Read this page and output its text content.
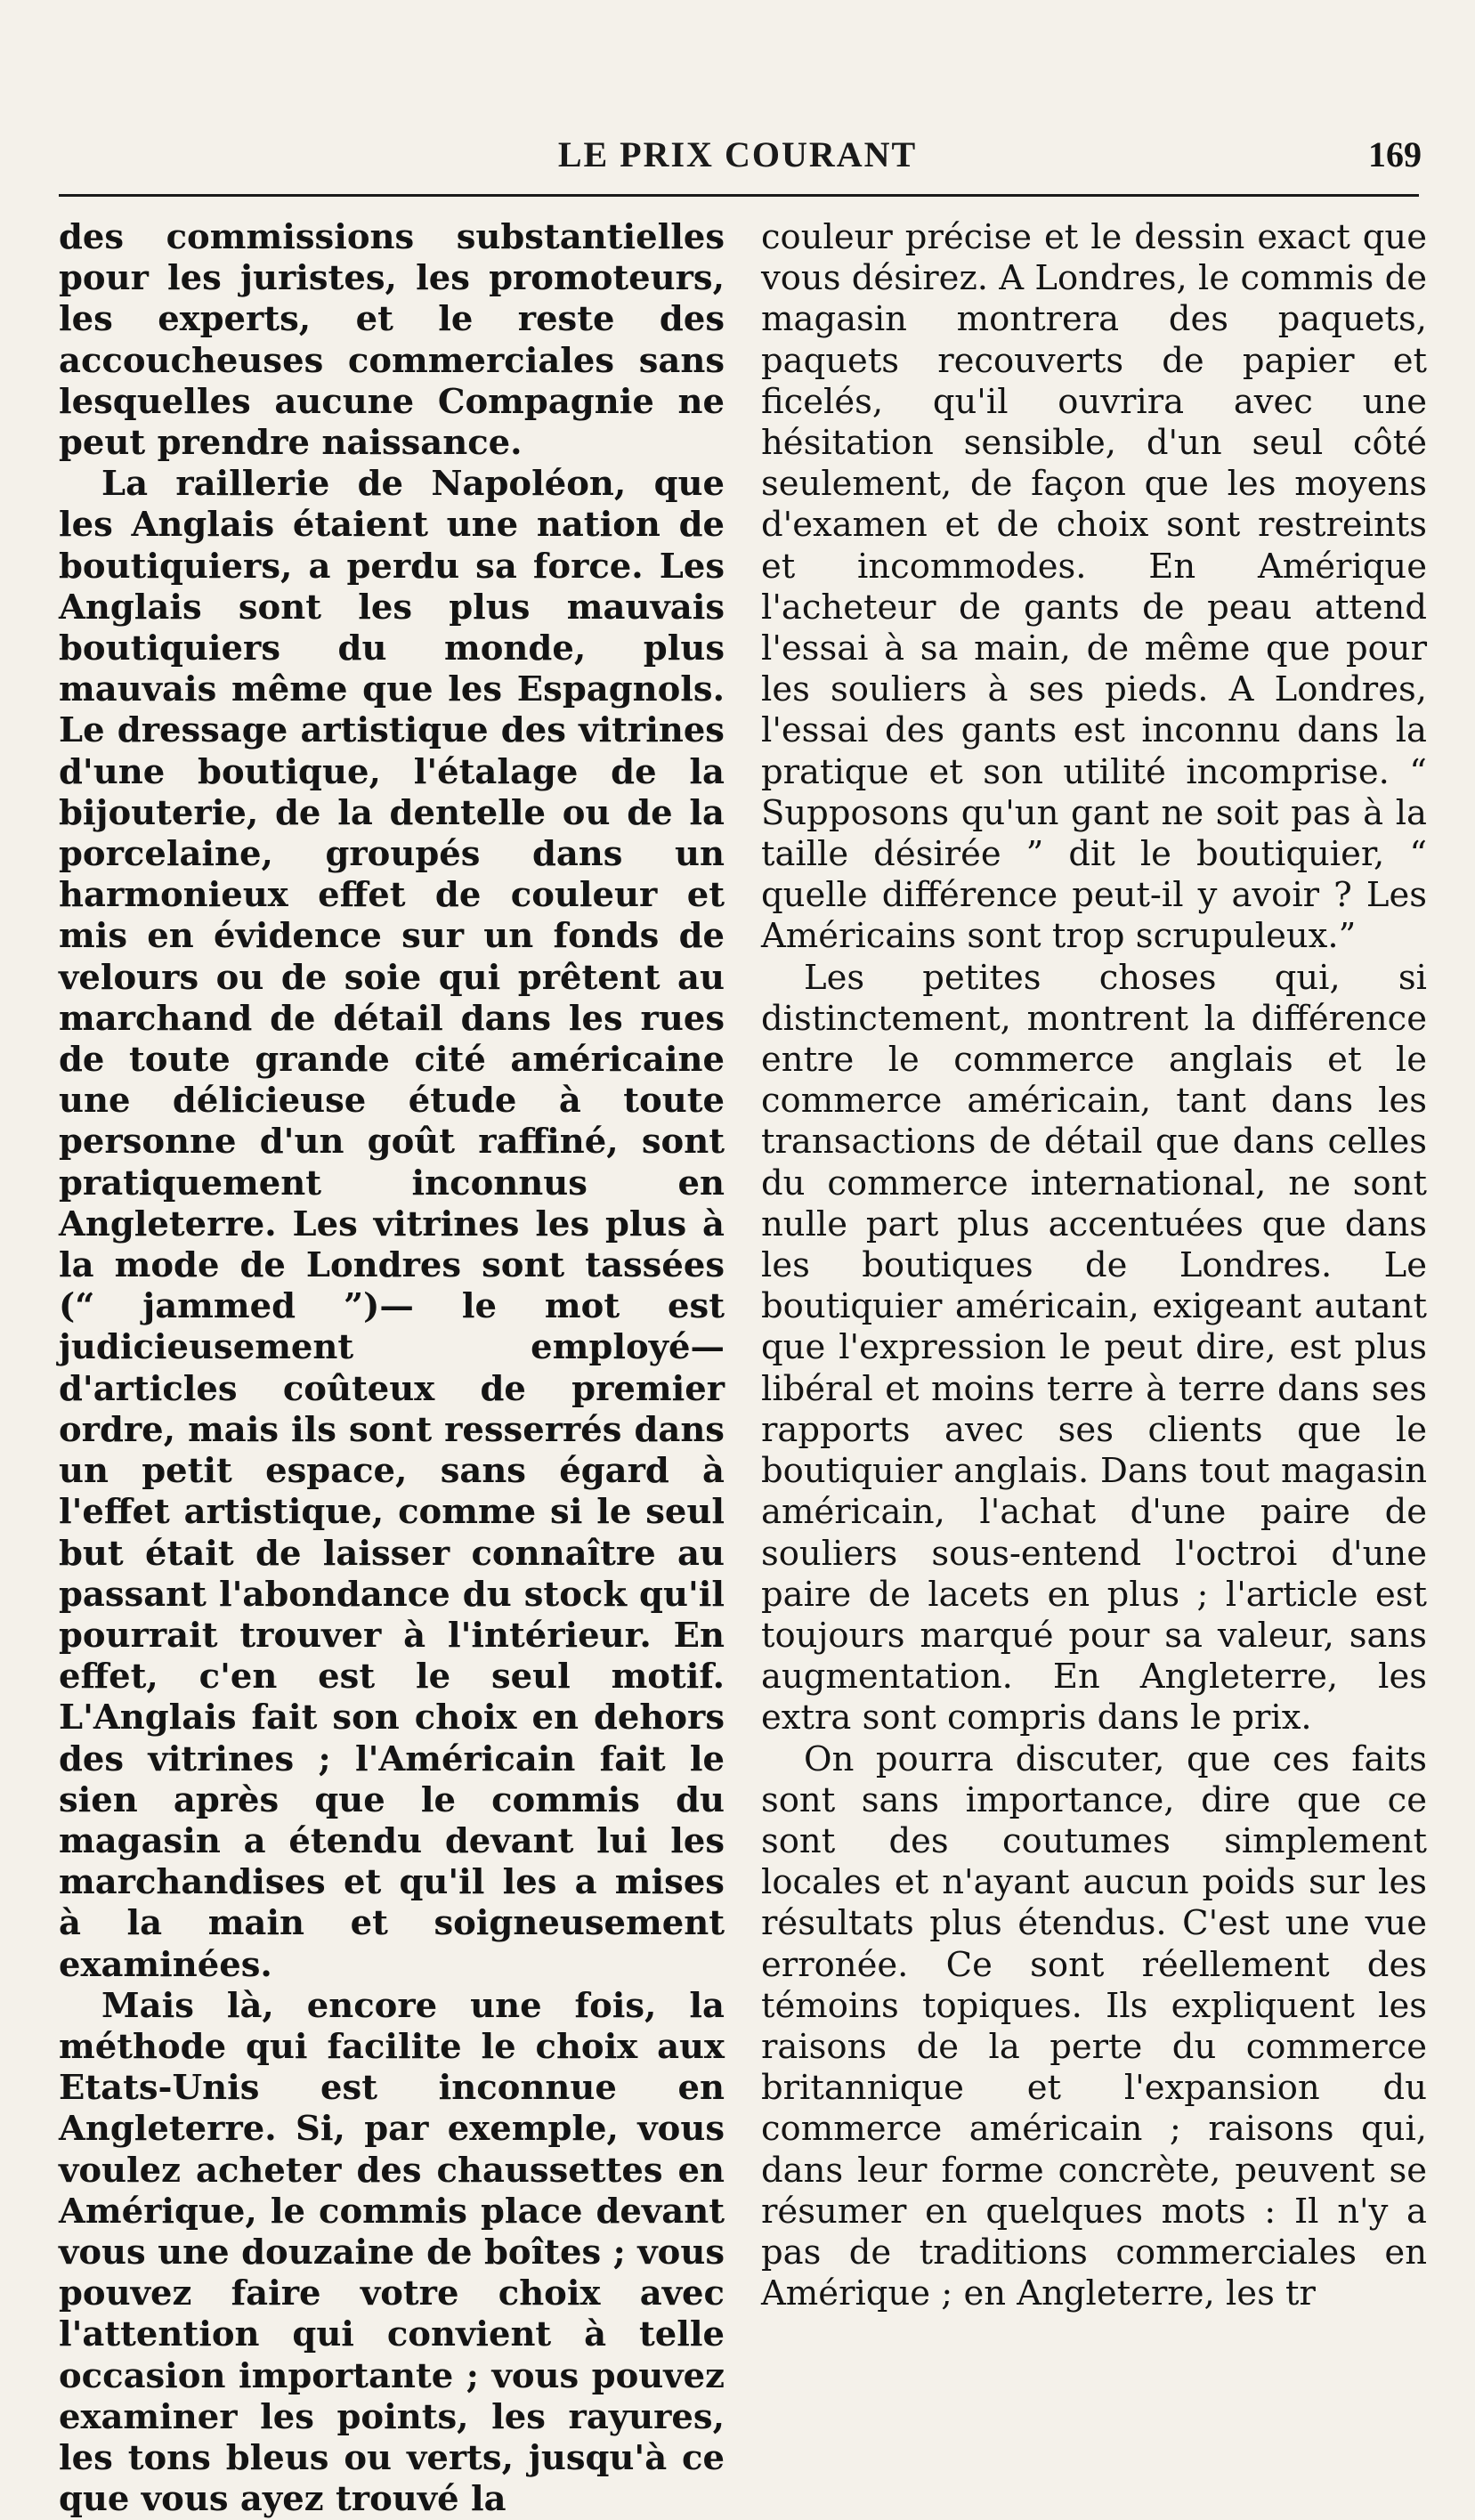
LE PRIX COURANT	169

des commissions substantielles pour les juristes, les promoteurs, les experts, et le reste des accoucheuses commerciales sans lesquelles aucune Compagnie ne peut prendre naissance.

La raillerie de Napoléon, que les Anglais étaient une nation de boutiquiers, a perdu sa force. Les Anglais sont les plus mauvais boutiquiers du monde, plus mauvais même que les Espagnols. Le dressage artistique des vitrines d'une boutique, l'étalage de la bijouterie, de la dentelle ou de la porcelaine, groupés dans un harmonieux effet de couleur et mis en évidence sur un fonds de velours ou de soie qui prêtent au marchand de détail dans les rues de toute grande cité américaine une délicieuse étude à toute personne d'un goût raffiné, sont pratiquement inconnus en Angleterre. Les vitrines les plus à la mode de Londres sont tassées (“ jammed ”)— le mot est judicieusement employé— d'articles coûteux de premier ordre, mais ils sont resserrés dans un petit espace, sans égard à l'effet artistique, comme si le seul but était de laisser connaître au passant l'abondance du stock qu'il pourrait trouver à l'intérieur. En effet, c'en est le seul motif. L'Anglais fait son choix en dehors des vitrines ; l'Américain fait le sien après que le commis du magasin a étendu devant lui les marchandises et qu'il les a mises à la main et soigneusement examinées.

Mais là, encore une fois, la méthode qui facilite le choix aux Etats-Unis est inconnue en Angleterre. Si, par exemple, vous voulez acheter des chaussettes en Amérique, le commis place devant vous une douzaine de boîtes ; vous pouvez faire votre choix avec l'attention qui convient à telle occasion importante ; vous pouvez examiner les points, les rayures, les tons bleus ou verts, jusqu'à ce que vous ayez trouvé la

couleur précise et le dessin exact que vous désirez. A Londres, le commis de magasin montrera des paquets, paquets recouverts de papier et ficelés, qu'il ouvrira avec une hésitation sensible, d'un seul côté seulement, de façon que les moyens d'examen et de choix sont restreints et incommodes. En Amérique l'acheteur de gants de peau attend l'essai à sa main, de même que pour les souliers à ses pieds. A Londres, l'essai des gants est inconnu dans la pratique et son utilité incomprise. “ Supposons qu'un gant ne soit pas à la taille désirée ” dit le boutiquier, “ quelle différence peut-il y avoir ? Les Américains sont trop scrupuleux.”

Les petites choses qui, si distinctement, montrent la différence entre le commerce anglais et le commerce américain, tant dans les transactions de détail que dans celles du commerce international, ne sont nulle part plus accentuées que dans les boutiques de Londres. Le boutiquier américain, exigeant autant que l'expression le peut dire, est plus libéral et moins terre à terre dans ses rapports avec ses clients que le boutiquier anglais. Dans tout magasin américain, l'achat d'une paire de souliers sous-entend l'octroi d'une paire de lacets en plus ; l'article est toujours marqué pour sa valeur, sans augmentation. En Angleterre, les extra sont compris dans le prix.

On pourra discuter, que ces faits sont sans importance, dire que ce sont des coutumes simplement locales et n'ayant aucun poids sur les résultats plus étendus. C'est une vue erronée. Ce sont réellement des témoins topiques. Ils expliquent les raisons de la perte du commerce britannique et l'expansion du commerce américain ; raisons qui, dans leur forme concrète, peuvent se résumer en quelques mots : Il n'y a pas de traditions commerciales en Amérique ; en Angleterre, les tr
